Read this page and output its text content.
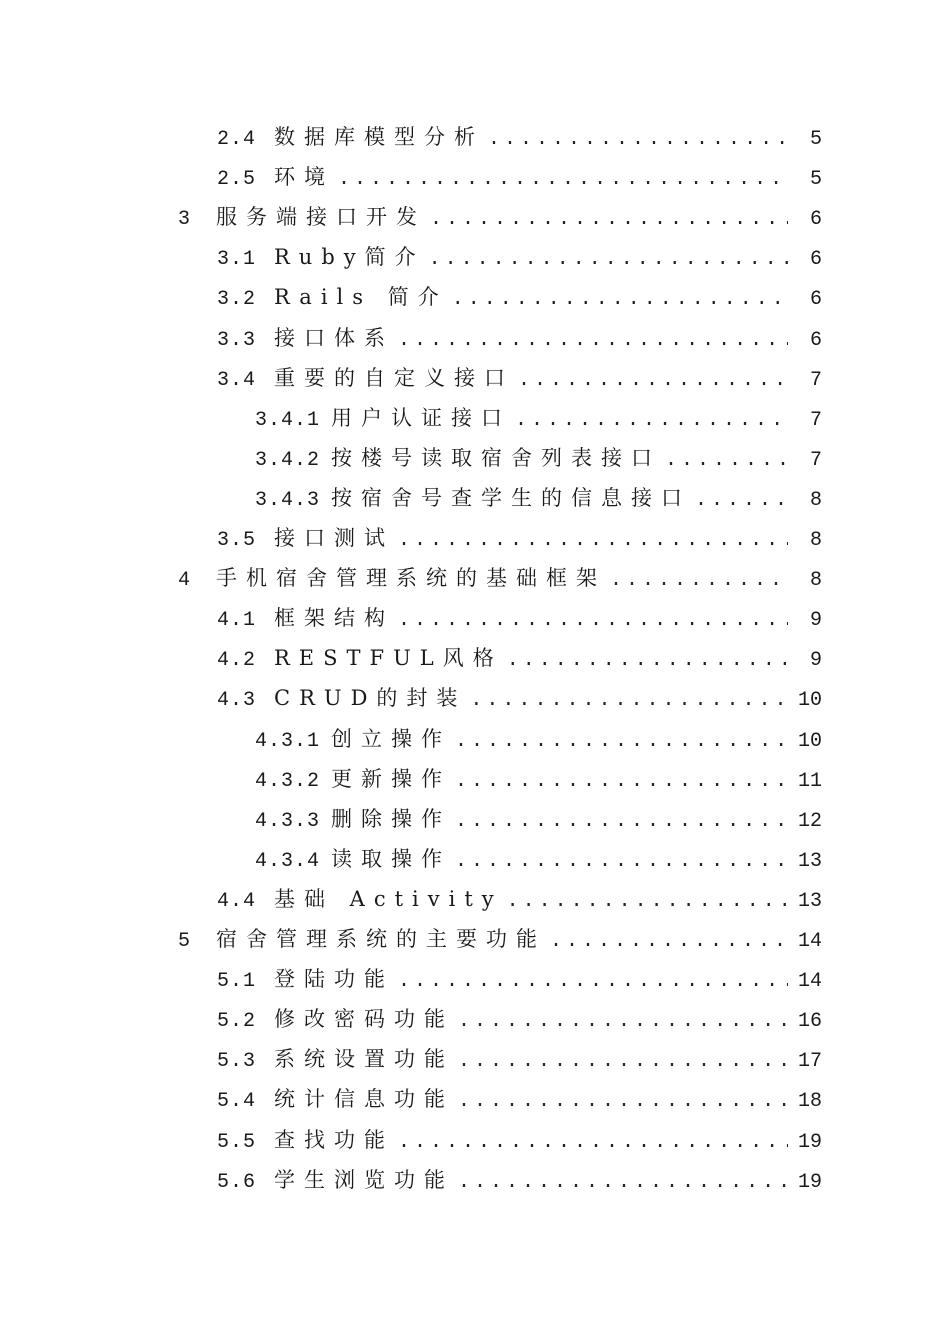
2.4 数据库模型分析 . . .	5
2.5 环境 . . .	5
3	服务端接口开发 . . .	6
3.1 Ruby简介 . . .	6
3.2 Rails 简介 . . .	6
3.3 接口体系 . . .	6
3.4 重要的自定义接口 . . .	7
3.4.1 用户认证接口 . . .	7
3.4.2 按楼号读取宿舍列表接口 . . .	7
3.4.3 按宿舍号查学生的信息接口 . . .	8
3.5 接口测试 . . .	8
4	手机宿舍管理系统的基础框架 . . .	8
4.1 框架结构 . . .	9
4.2 RESTFUL风格 . . .	9
4.3 CRUD的封装 . . .	10
4.3.1 创立操作 . . .	10
4.3.2 更新操作 . . .	11
4.3.3 删除操作 . . .	12
4.3.4 读取操作 . . .	13
4.4 基础 Activity . . .	13
5	宿舍管理系统的主要功能 . . .	14
5.1 登陆功能 . . .	14
5.2 修改密码功能 . . .	16
5.3 系统设置功能 . . .	17
5.4 统计信息功能 . . .	18
5.5 查找功能 . . .	19
5.6 学生浏览功能 . . .	19
